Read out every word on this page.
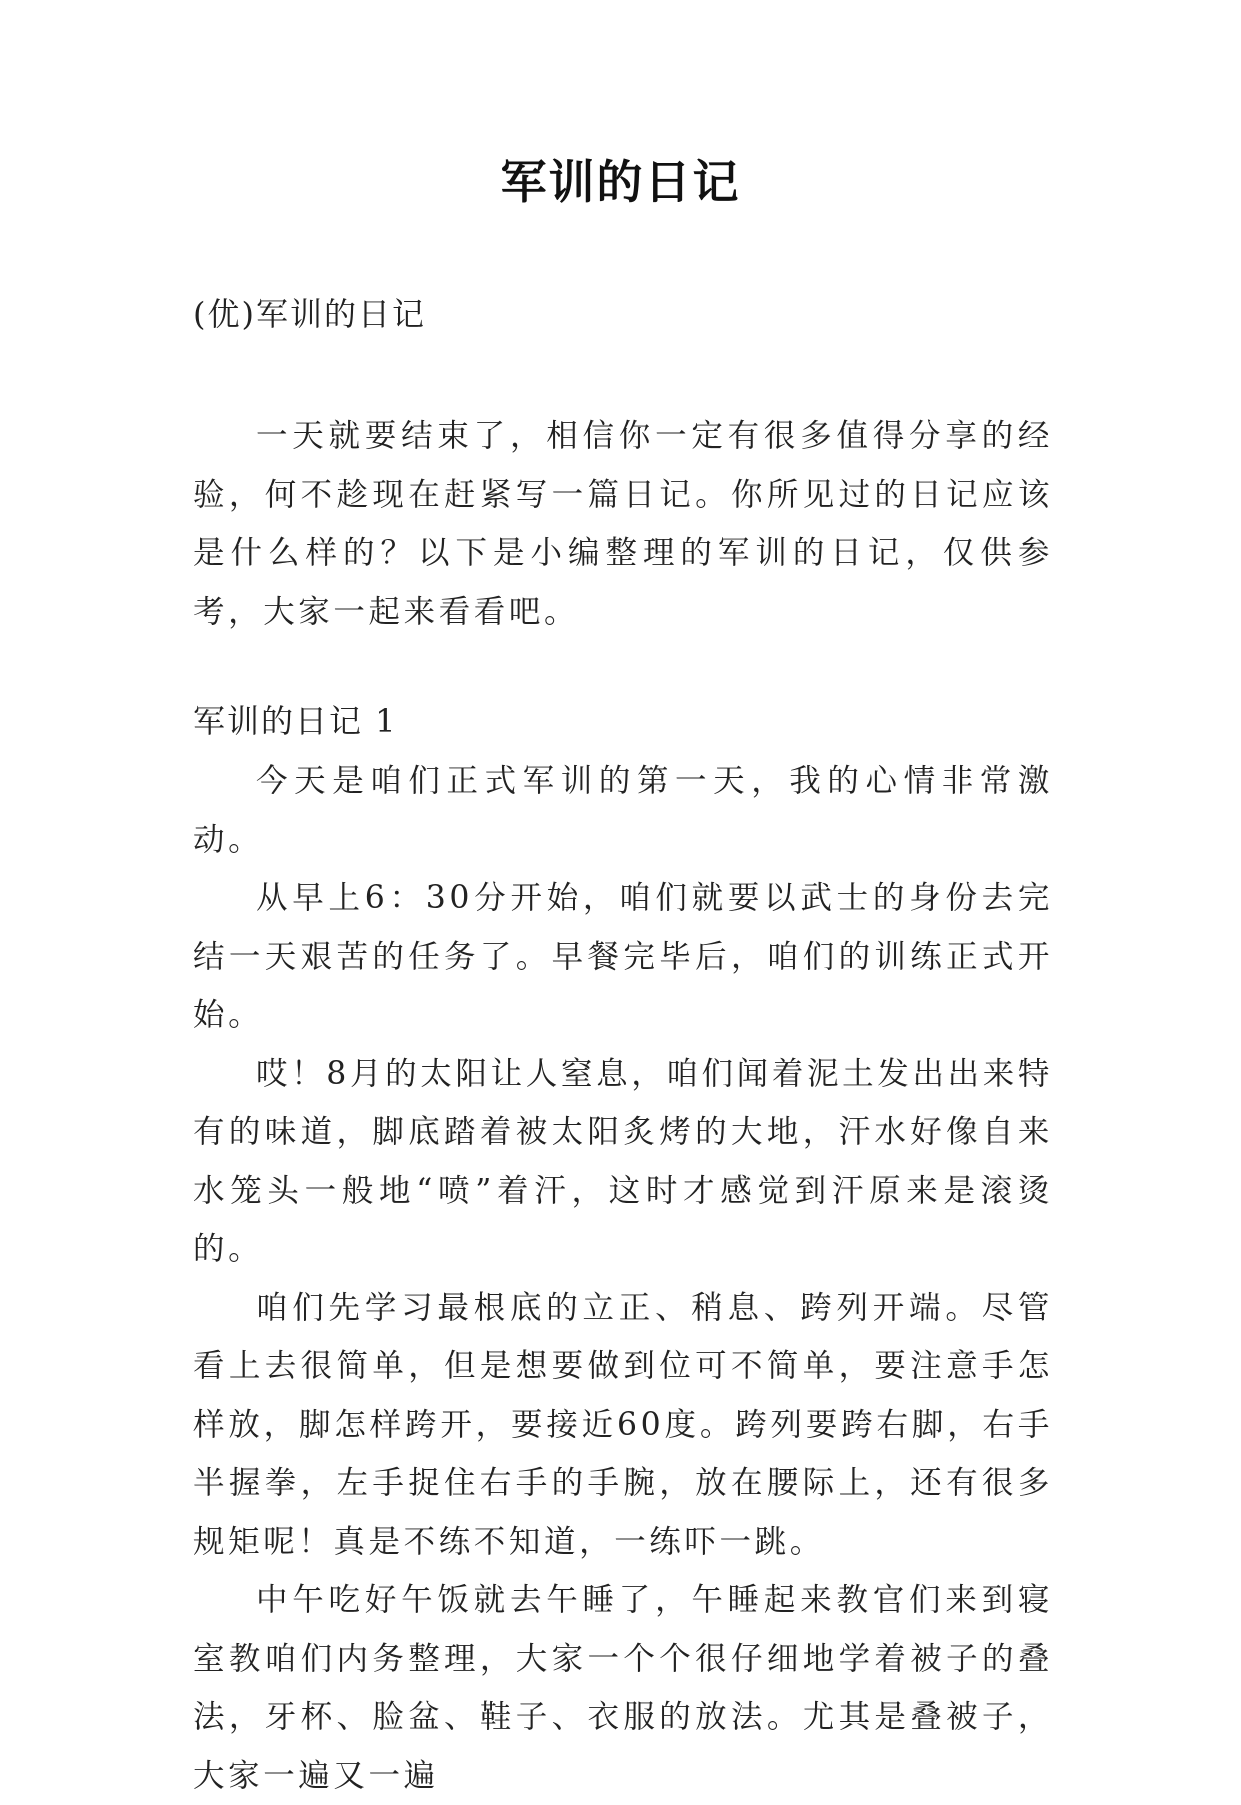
军训的日记
(优)军训的日记

一天就要结束了，相信你一定有很多值得分享的经验，何不趁现在赶紧写一篇日记。你所见过的日记应该是什么样的？以下是小编整理的军训的日记，仅供参考，大家一起来看看吧。

军训的日记 1

今天是咱们正式军训的第一天，我的心情非常激动。

从早上6：30分开始，咱们就要以武士的身份去完结一天艰苦的任务了。早餐完毕后，咱们的训练正式开始。

哎！8月的太阳让人窒息，咱们闻着泥土发出出来特有的味道，脚底踏着被太阳炙烤的大地，汗水好像自来水笼头一般地“喷”着汗，这时才感觉到汗原来是滚烫的。

咱们先学习最根底的立正、稍息、跨列开端。尽管看上去很简单，但是想要做到位可不简单，要注意手怎样放，脚怎样跨开，要接近60度。跨列要跨右脚，右手半握拳，左手捉住右手的手腕，放在腰际上，还有很多规矩呢！真是不练不知道，一练吓一跳。

中午吃好午饭就去午睡了，午睡起来教官们来到寝室教咱们内务整理，大家一个个很仔细地学着被子的叠法，牙杯、脸盆、鞋子、衣服的放法。尤其是叠被子，大家一遍又一遍
